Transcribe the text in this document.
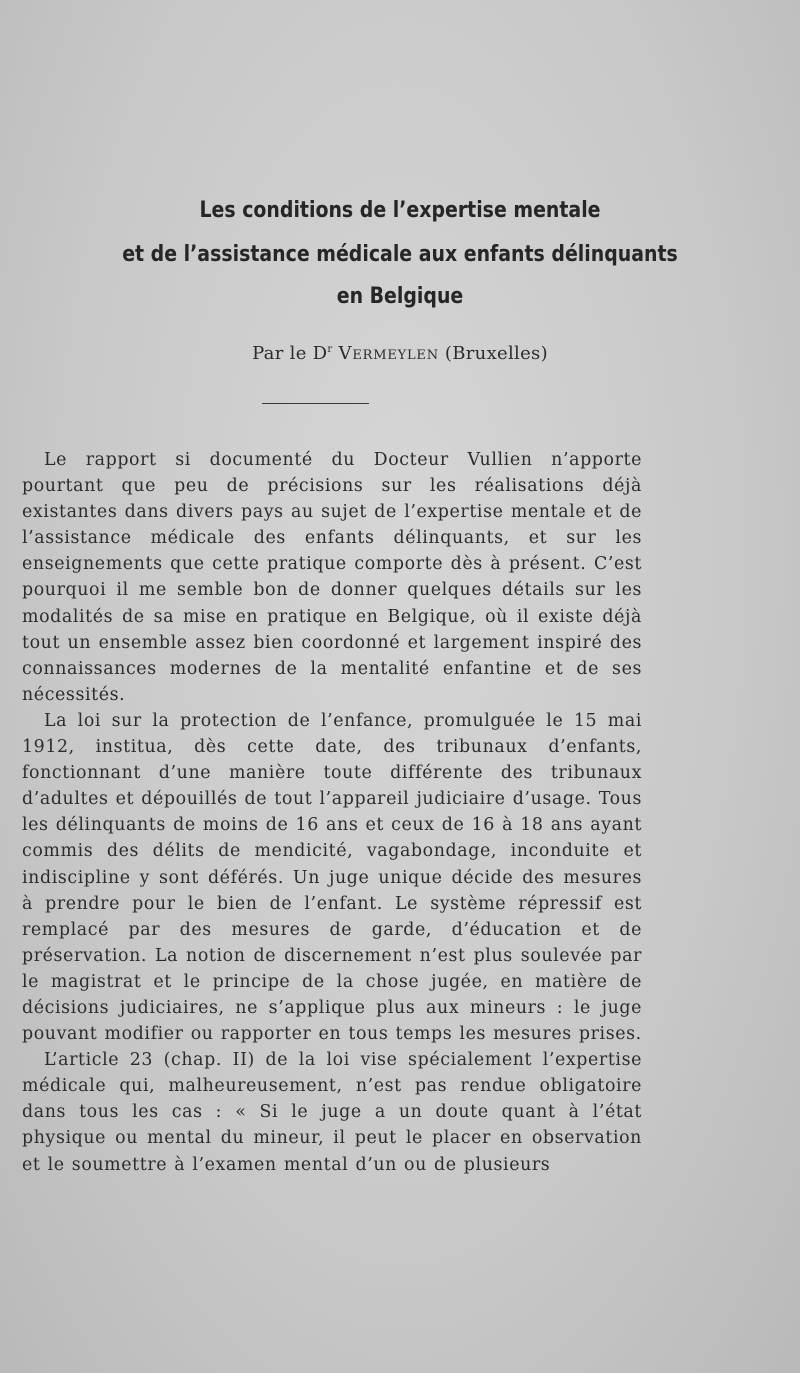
Les conditions de l’expertise mentale
et de l’assistance médicale aux enfants délinquants
en Belgique
Par le $D^r$ Vermeylen (Bruxelles)

Le rapport si documenté du Docteur Vullien n’apporte pourtant que peu de précisions sur les réalisations déjà existantes dans divers pays au sujet de l’expertise mentale et de l’assistance médicale des enfants délinquants, et sur les enseignements que cette pratique comporte dès à présent. C’est pourquoi il me semble bon de donner quelques détails sur les modalités de sa mise en pratique en Belgique, où il existe déjà tout un ensemble assez bien coordonné et largement inspiré des connaissances modernes de la mentalité enfantine et de ses nécessités.

La loi sur la protection de l’enfance, promulguée le 15 mai 1912, institua, dès cette date, des tribunaux d’enfants, fonctionnant d’une manière toute différente des tribunaux d’adultes et dépouillés de tout l’appareil judiciaire d’usage. Tous les délinquants de moins de 16 ans et ceux de 16 à 18 ans ayant commis des délits de mendicité, vagabondage, inconduite et indiscipline y sont déférés. Un juge unique décide des mesures à prendre pour le bien de l’enfant. Le système répressif est remplacé par des mesures de garde, d’éducation et de préservation. La notion de discernement n’est plus soulevée par le magistrat et le principe de la chose jugée, en matière de décisions judiciaires, ne s’applique plus aux mineurs : le juge pouvant modifier ou rapporter en tous temps les mesures prises.

L’article 23 (chap. II) de la loi vise spécialement l’expertise médicale qui, malheureusement, n’est pas rendue obligatoire dans tous les cas : « Si le juge a un doute quant à l’état physique ou mental du mineur, il peut le placer en observation et le soumettre à l’examen mental d’un ou de plusieurs
